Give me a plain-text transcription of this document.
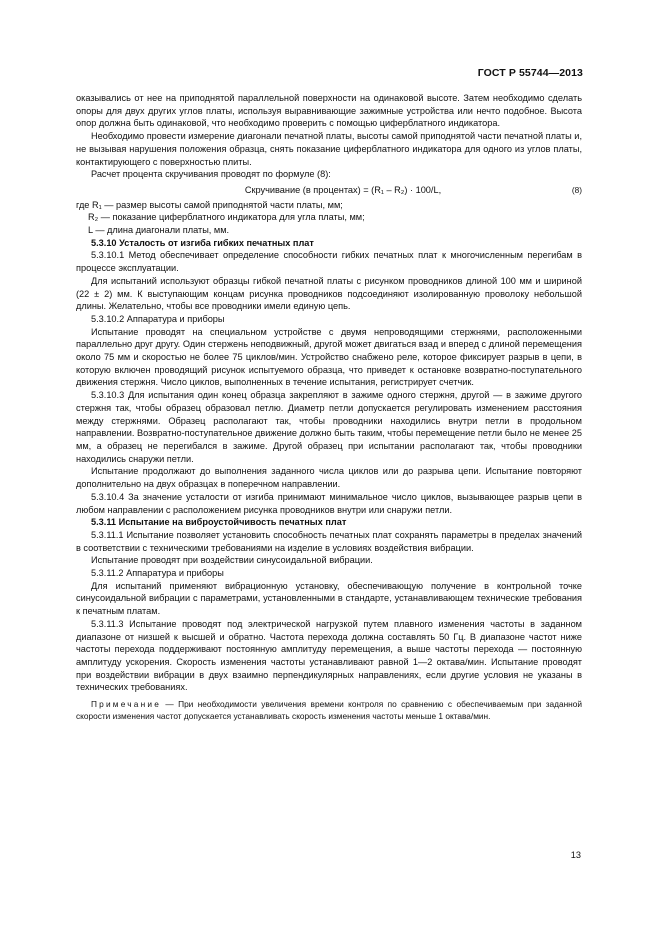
ГОСТ Р 55744—2013

оказывались от нее на приподнятой параллельной поверхности на одинаковой высоте. Затем необходимо сделать опоры для двух других углов платы, используя выравнивающие зажимные устройства или нечто подобное. Высота опор должна быть одинаковой, что необходимо проверить с помощью циферблатного индикатора.

Необходимо провести измерение диагонали печатной платы, высоты самой приподнятой части печатной платы и, не вызывая нарушения положения образца, снять показание циферблатного индикатора для одного из углов платы, контактирующего с поверхностью плиты.

Расчет процента скручивания проводят по формуле (8):

Скручивание (в процентах) = (R₁ – R₂) · 100/L,	(8)

где R₁ — размер высоты самой приподнятой части платы, мм;

R₂ — показание циферблатного индикатора для угла платы, мм;

L — длина диагонали платы, мм.

5.3.10 Усталость от изгиба гибких печатных плат

5.3.10.1 Метод обеспечивает определение способности гибких печатных плат к многочисленным перегибам в процессе эксплуатации.

Для испытаний используют образцы гибкой печатной платы с рисунком проводников длиной 100 мм и шириной (22 ± 2) мм. К выступающим концам рисунка проводников подсоединяют изолированную проволоку небольшой длины. Желательно, чтобы все проводники имели единую цепь.

5.3.10.2 Аппаратура и приборы

Испытание проводят на специальном устройстве с двумя непроводящими стержнями, расположенными параллельно друг другу. Один стержень неподвижный, другой может двигаться взад и вперед с длиной перемещения около 75 мм и скоростью не более 75 циклов/мин. Устройство снабжено реле, которое фиксирует разрыв в цепи, в которую включен проводящий рисунок испытуемого образца, что приведет к остановке возвратно-поступательного движения стержня. Число циклов, выполненных в течение испытания, регистрирует счетчик.

5.3.10.3 Для испытания один конец образца закрепляют в зажиме одного стержня, другой — в зажиме другого стержня так, чтобы образец образовал петлю. Диаметр петли допускается регулировать изменением расстояния между стержнями. Образец располагают так, чтобы проводники находились внутри петли в продольном направлении. Возвратно-поступательное движение должно быть таким, чтобы перемещение петли было не менее 25 мм, а образец не перегибался в зажиме. Другой образец при испытании располагают так, чтобы проводники находились снаружи петли.

Испытание продолжают до выполнения заданного числа циклов или до разрыва цепи. Испытание повторяют дополнительно на двух образцах в поперечном направлении.

5.3.10.4 За значение усталости от изгиба принимают минимальное число циклов, вызывающее разрыв цепи в любом направлении с расположением рисунка проводников внутри или снаружи петли.

5.3.11 Испытание на виброустойчивость печатных плат

5.3.11.1 Испытание позволяет установить способность печатных плат сохранять параметры в пределах значений в соответствии с техническими требованиями на изделие в условиях воздействия вибрации.

Испытание проводят при воздействии синусоидальной вибрации.

5.3.11.2 Аппаратура и приборы

Для испытаний применяют вибрационную установку, обеспечивающую получение в контрольной точке синусоидальной вибрации с параметрами, установленными в стандарте, устанавливающем технические требования к печатным платам.

5.3.11.3 Испытание проводят под электрической нагрузкой путем плавного изменения частоты в заданном диапазоне от низшей к высшей и обратно. Частота перехода должна составлять 50 Гц. В диапазоне частот ниже частоты перехода поддерживают постоянную амплитуду перемещения, а выше частоты перехода — постоянную амплитуду ускорения. Скорость изменения частоты устанавливают равной 1—2 октава/мин. Испытание проводят при воздействии вибрации в двух взаимно перпендикулярных направлениях, если другие условия не указаны в технических требованиях.

Примечание — При необходимости увеличения времени контроля по сравнению с обеспечиваемым при заданной скорости изменения частот допускается устанавливать скорость изменения частоты меньше 1 октава/мин.

13
